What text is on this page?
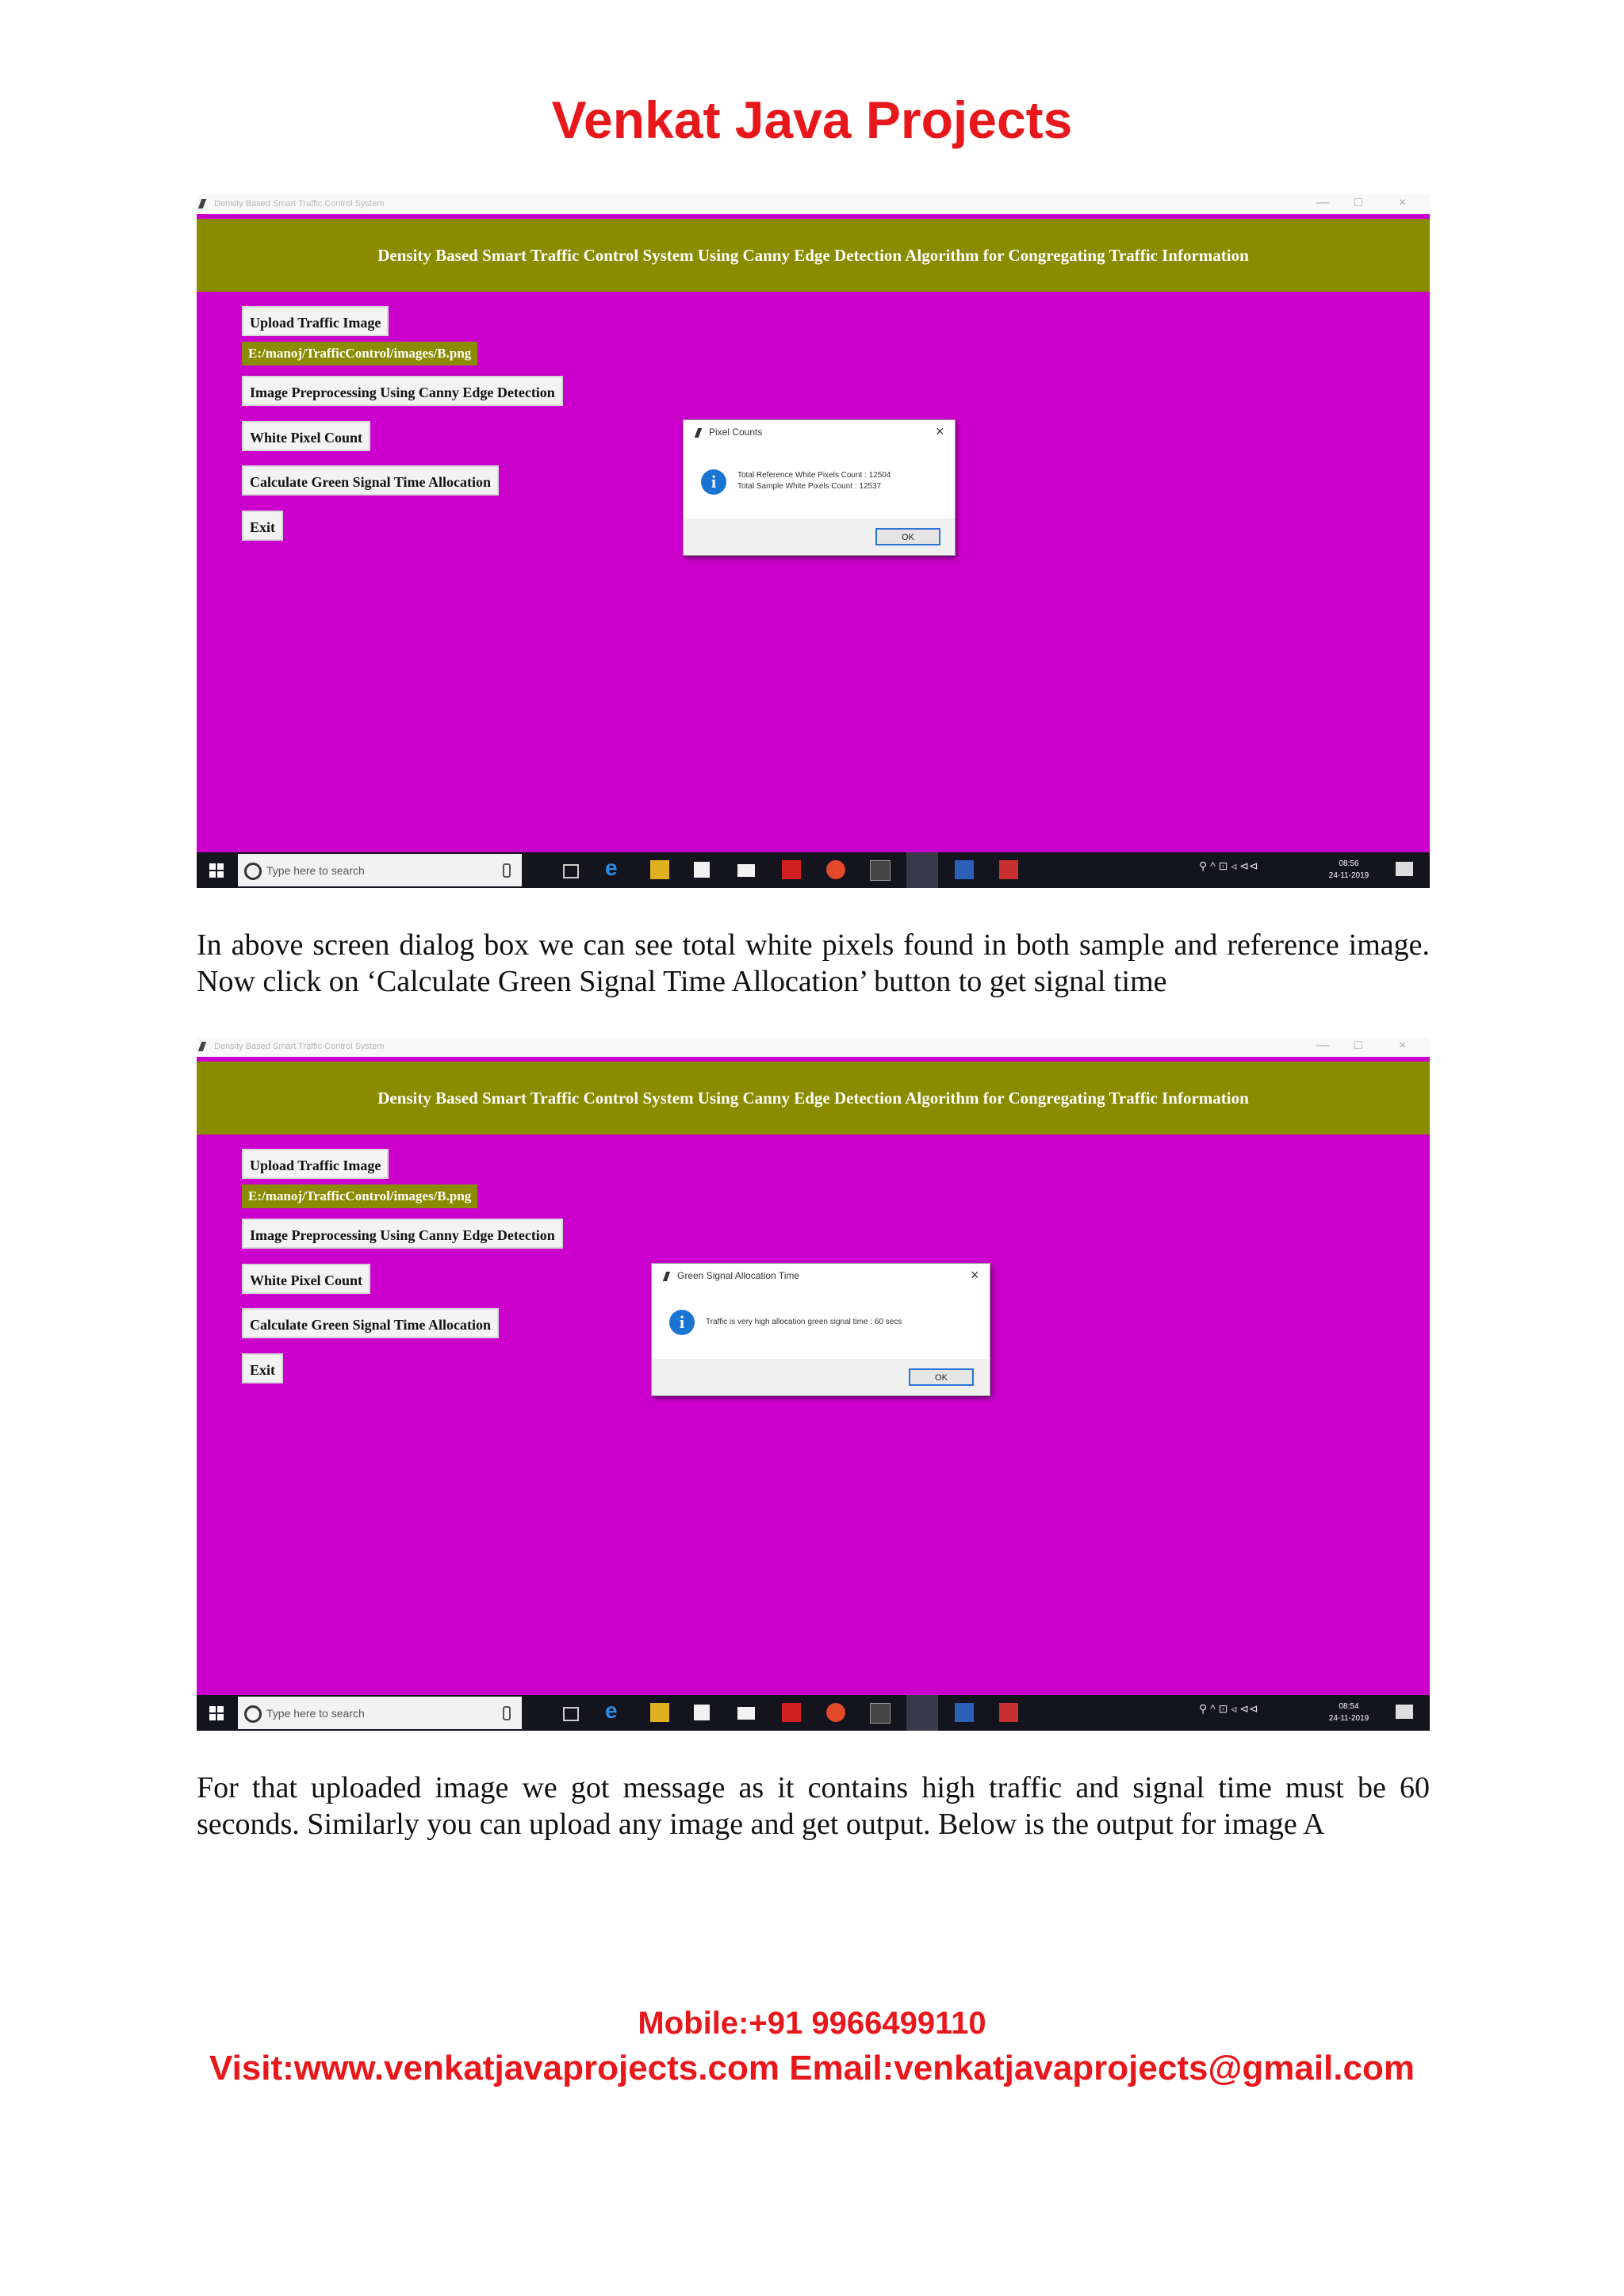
Venkat Java Projects
Density Based Smart Traffic Control System	— □	×
Density Based Smart Traffic Control System Using Canny Edge Detection Algorithm for Congregating Traffic Information
Upload Traffic Image
E:/manoj/TrafficControl/images/B.png
Image Preprocessing Using Canny Edge Detection
White Pixel Count
Calculate Green Signal Time Allocation
Exit
Pixel Counts	×
i	Total Reference White Pixels Count : 12504
Total Sample White Pixels Count : 12537
OK
Type here to search	e	⚲ ^ ⊡ ◃ ⊲⊲	08:56
24-11-2019
In above screen dialog box we can see total white pixels found in both sample and reference image. Now click on ‘Calculate Green Signal Time Allocation’ button to get signal time
Density Based Smart Traffic Control System	— □	×
Density Based Smart Traffic Control System Using Canny Edge Detection Algorithm for Congregating Traffic Information
Upload Traffic Image
E:/manoj/TrafficControl/images/B.png
Image Preprocessing Using Canny Edge Detection
White Pixel Count
Calculate Green Signal Time Allocation
Exit
Green Signal Allocation Time	×
i	Traffic is very high allocation green signal time : 60 secs
OK
Type here to search	e	⚲ ^ ⊡ ◃ ⊲⊲	08:54
24-11-2019
For that uploaded image we got message as it contains high traffic and signal time must be 60 seconds. Similarly you can upload any image and get output. Below is the output for image A
Mobile:+91 9966499110
Visit:www.venkatjavaprojects.com Email:venkatjavaprojects@gmail.com
